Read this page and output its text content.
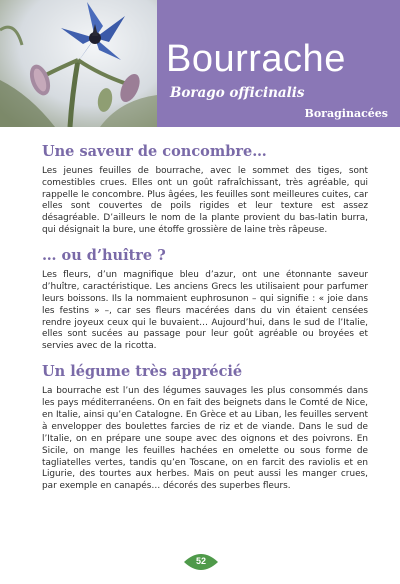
Bourrache
Borago officinalis
Boraginacées
Une saveur de concombre…

Les jeunes feuilles de bourrache, avec le sommet des tiges, sont comestibles crues. Elles ont un goût rafraîchissant, très agréable, qui rappelle le concombre. Plus âgées, les feuilles sont meilleures cuites, car elles sont couvertes de poils rigides et leur texture est assez désagréable. D’ailleurs le nom de la plante provient du bas-latin burra, qui désignait la bure, une étoffe grossière de laine très râpeuse.

… ou d’huître ?

Les fleurs, d’un magnifique bleu d’azur, ont une étonnante saveur d’huître, caractéristique. Les anciens Grecs les utilisaient pour parfumer leurs boissons. Ils la nommaient euphrosunon – qui signifie : « joie dans les festins » –, car ses fleurs macérées dans du vin étaient censées rendre joyeux ceux qui le buvaient… Aujourd’hui, dans le sud de l’Italie, elles sont sucées au passage pour leur goût agréable ou broyées et servies avec de la ricotta.

Un légume très apprécié

La bourrache est l’un des légumes sauvages les plus consommés dans les pays méditerranéens. On en fait des beignets dans le Comté de Nice, en Italie, ainsi qu’en Catalogne. En Grèce et au Liban, les feuilles servent à envelopper des boulettes farcies de riz et de viande. Dans le sud de l’Italie, on en prépare une soupe avec des oignons et des poivrons. En Sicile, on mange les feuilles hachées en omelette ou sous forme de tagliatelles vertes, tandis qu’en Toscane, on en farcit des raviolis et en Ligurie, des tourtes aux herbes. Mais on peut aussi les manger crues, par exemple en canapés… décorés des superbes fleurs.

52
